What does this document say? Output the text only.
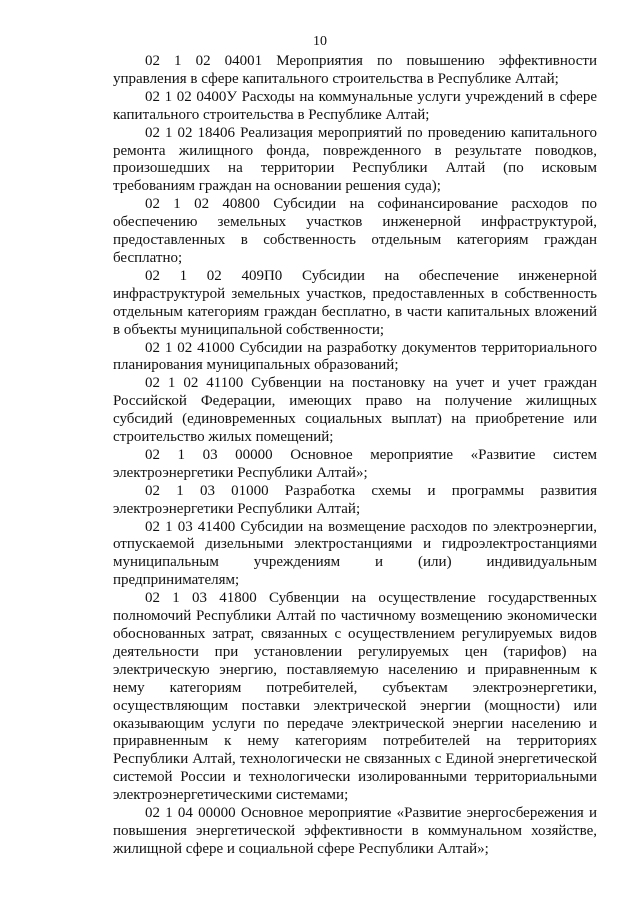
10

02 1 02 04001 Мероприятия по повышению эффективности управления в сфере капитального строительства в Республике Алтай;

02 1 02 0400У Расходы на коммунальные услуги учреждений в сфере капитального строительства в Республике Алтай;

02 1 02 18406 Реализация мероприятий по проведению капитального ремонта жилищного фонда, поврежденного в результате поводков, произошедших на территории Республики Алтай (по исковым требованиям граждан на основании решения суда);

02 1 02 40800 Субсидии на софинансирование расходов по обеспечению земельных участков инженерной инфраструктурой, предоставленных в собственность отдельным категориям граждан бесплатно;

02 1 02 409П0 Субсидии на обеспечение инженерной инфраструктурой земельных участков, предоставленных в собственность отдельным категориям граждан бесплатно, в части капитальных вложений в объекты муниципальной собственности;

02 1 02 41000 Субсидии на разработку документов территориального планирования муниципальных образований;

02 1 02 41100 Субвенции на постановку на учет и учет граждан Российской Федерации, имеющих право на получение жилищных субсидий (единовременных социальных выплат) на приобретение или строительство жилых помещений;

02 1 03 00000 Основное мероприятие «Развитие систем электроэнергетики Республики Алтай»;

02 1 03 01000 Разработка схемы и программы развития электроэнергетики Республики Алтай;

02 1 03 41400 Субсидии на возмещение расходов по электроэнергии, отпускаемой дизельными электростанциями и гидроэлектростанциями муниципальным учреждениям и (или) индивидуальным предпринимателям;

02 1 03 41800 Субвенции на осуществление государственных полномочий Республики Алтай по частичному возмещению экономически обоснованных затрат, связанных с осуществлением регулируемых видов деятельности при установлении регулируемых цен (тарифов) на электрическую энергию, поставляемую населению и приравненным к нему категориям потребителей, субъектам электроэнергетики, осуществляющим поставки электрической энергии (мощности) или оказывающим услуги по передаче электрической энергии населению и приравненным к нему категориям потребителей на территориях Республики Алтай, технологически не связанных с Единой энергетической системой России и технологически изолированными территориальными электроэнергетическими системами;

02 1 04 00000 Основное мероприятие «Развитие энергосбережения и повышения энергетической эффективности в коммунальном хозяйстве, жилищной сфере и социальной сфере Республики Алтай»;
